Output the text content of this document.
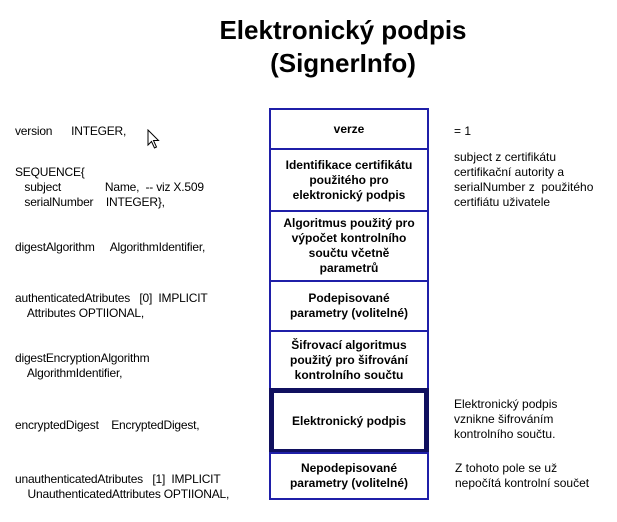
Elektronický podpis
(SignerInfo)
version      INTEGER,
SEQUENCE{
subject              Name,  -- viz X.509
serialNumber    INTEGER},
digestAlgorithm     AlgorithmIdentifier,
authenticatedAtributes   [0]  IMPLICIT
Attributes OPTIIONAL,
digestEncryptionAlgorithm
AlgorithmIdentifier,
encryptedDigest    EncryptedDigest,
unauthenticatedAtributes   [1]  IMPLICIT
UnauthenticatedAttributes OPTIIONAL,
verze
Identifikace certifikátu
použitého pro
elektronický podpis
Algoritmus použitý pro
výpočet kontrolního
součtu včetně
parametrů
Podepisované
parametry (volitelné)
Šifrovací algoritmus
použitý pro šifrování
kontrolního součtu
Elektronický podpis
Nepodepisované
parametry (volitelné)
= 1
subject z certifikátu
certifikační autority a
serialNumber z  použitého
certifiátu uživatele
Elektronický podpis
vznikne šifrováním
kontrolního součtu.
Z tohoto pole se už
nepočítá kontrolní součet
